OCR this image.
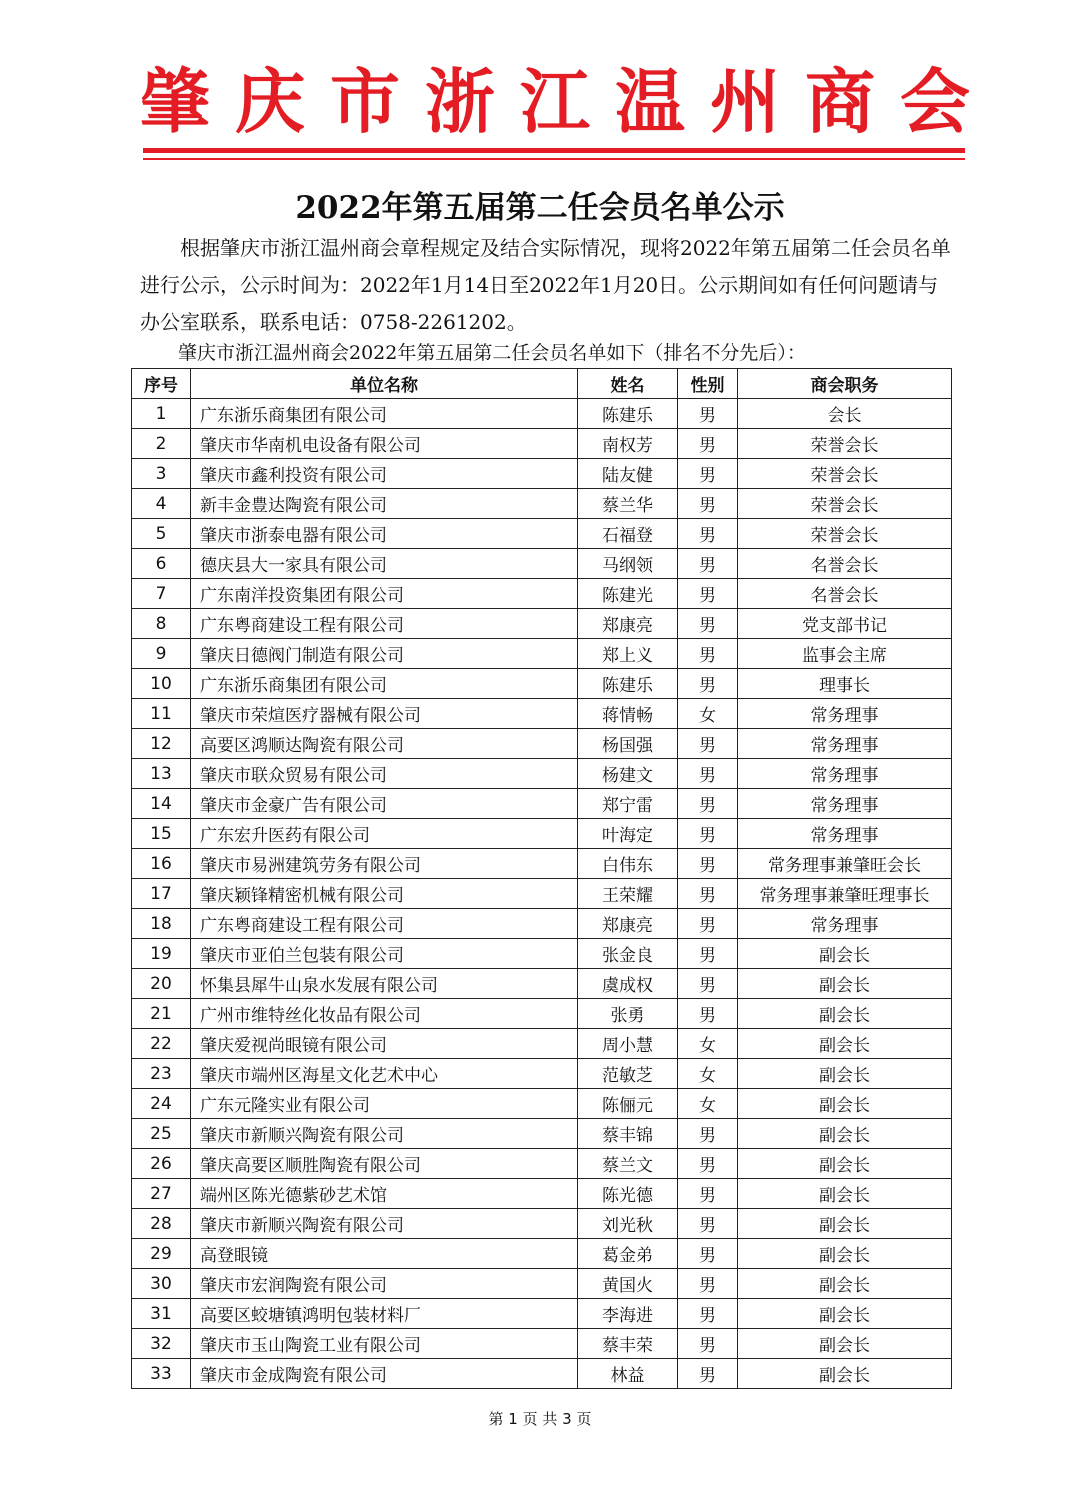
肇 庆 市 浙 江 温 州 商 会
2022年第五届第二任会员名单公示

根据肇庆市浙江温州商会章程规定及结合实际情况，现将2022年第五届第二任会员名单进行公示，公示时间为：2022年1月14日至2022年1月20日。公示期间如有任何问题请与办公室联系，联系电话：0758-2261202。

肇庆市浙江温州商会2022年第五届第二任会员名单如下（排名不分先后）：

序号	单位名称	姓名	性别	商会职务
1	广东浙乐商集团有限公司	陈建乐	男	会长
2	肇庆市华南机电设备有限公司	南权芳	男	荣誉会长
3	肇庆市鑫利投资有限公司	陆友健	男	荣誉会长
4	新丰金豊达陶瓷有限公司	蔡兰华	男	荣誉会长
5	肇庆市浙泰电器有限公司	石福登	男	荣誉会长
6	德庆县大一家具有限公司	马纲领	男	名誉会长
7	广东南洋投资集团有限公司	陈建光	男	名誉会长
8	广东粤商建设工程有限公司	郑康亮	男	党支部书记
9	肇庆日德阀门制造有限公司	郑上义	男	监事会主席
10	广东浙乐商集团有限公司	陈建乐	男	理事长
11	肇庆市荣煊医疗器械有限公司	蒋情畅	女	常务理事
12	高要区鸿顺达陶瓷有限公司	杨国强	男	常务理事
13	肇庆市联众贸易有限公司	杨建文	男	常务理事
14	肇庆市金豪广告有限公司	郑宁雷	男	常务理事
15	广东宏升医药有限公司	叶海定	男	常务理事
16	肇庆市易洲建筑劳务有限公司	白伟东	男	常务理事兼肇旺会长
17	肇庆颖锋精密机械有限公司	王荣耀	男	常务理事兼肇旺理事长
18	广东粤商建设工程有限公司	郑康亮	男	常务理事
19	肇庆市亚伯兰包装有限公司	张金良	男	副会长
20	怀集县犀牛山泉水发展有限公司	虞成权	男	副会长
21	广州市维特丝化妆品有限公司	张勇	男	副会长
22	肇庆爱视尚眼镜有限公司	周小慧	女	副会长
23	肇庆市端州区海星文化艺术中心	范敏芝	女	副会长
24	广东元隆实业有限公司	陈俪元	女	副会长
25	肇庆市新顺兴陶瓷有限公司	蔡丰锦	男	副会长
26	肇庆高要区顺胜陶瓷有限公司	蔡兰文	男	副会长
27	端州区陈光德紫砂艺术馆	陈光德	男	副会长
28	肇庆市新顺兴陶瓷有限公司	刘光秋	男	副会长
29	高登眼镜	葛金弟	男	副会长
30	肇庆市宏润陶瓷有限公司	黄国火	男	副会长
31	高要区蛟塘镇鸿明包装材料厂	李海进	男	副会长
32	肇庆市玉山陶瓷工业有限公司	蔡丰荣	男	副会长
33	肇庆市金成陶瓷有限公司	林益	男	副会长
第 1 页 共 3 页
